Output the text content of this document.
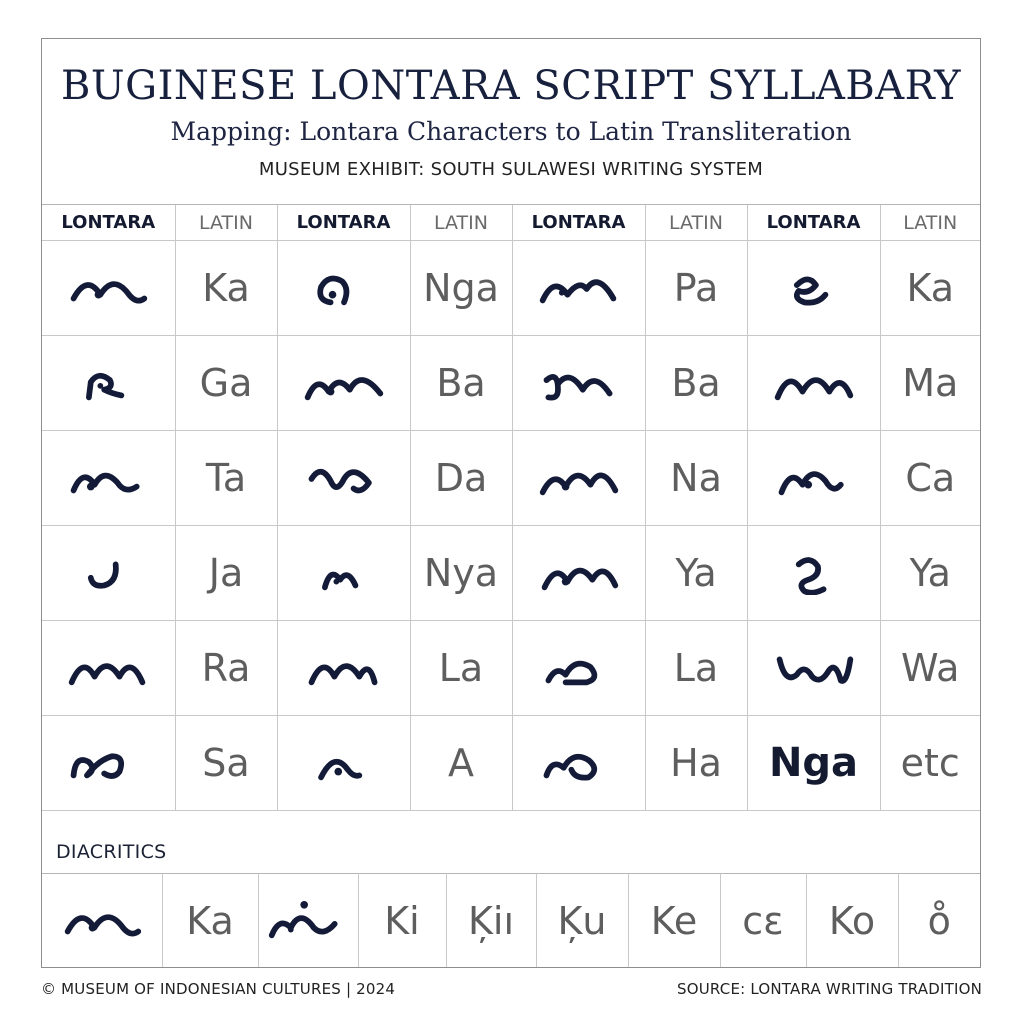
BUGINESE LONTARA SCRIPT SYLLABARY
Mapping: Lontara Characters to Latin Transliteration
MUSEUM EXHIBIT: SOUTH SULAWESI WRITING SYSTEM
LONTARA	LATIN	LONTARA	LATIN	LONTARA	LATIN	LONTARA	LATIN

	Ka		Nga		Pa		Ka

	Ga		Ba		Ba		Ma

	Ta		Da		Na		Ca

	Ja		Nya		Ya		Ya

	Ra		La		La		Wa

	Sa		A		Ha	Nga	etc
DIACRITICS
	Ka		Ki	Ķiı	Ķu	Ke	cɛ	Ko	o̊
© MUSEUM OF INDONESIAN CULTURES | 2024	SOURCE: LONTARA WRITING TRADITION
